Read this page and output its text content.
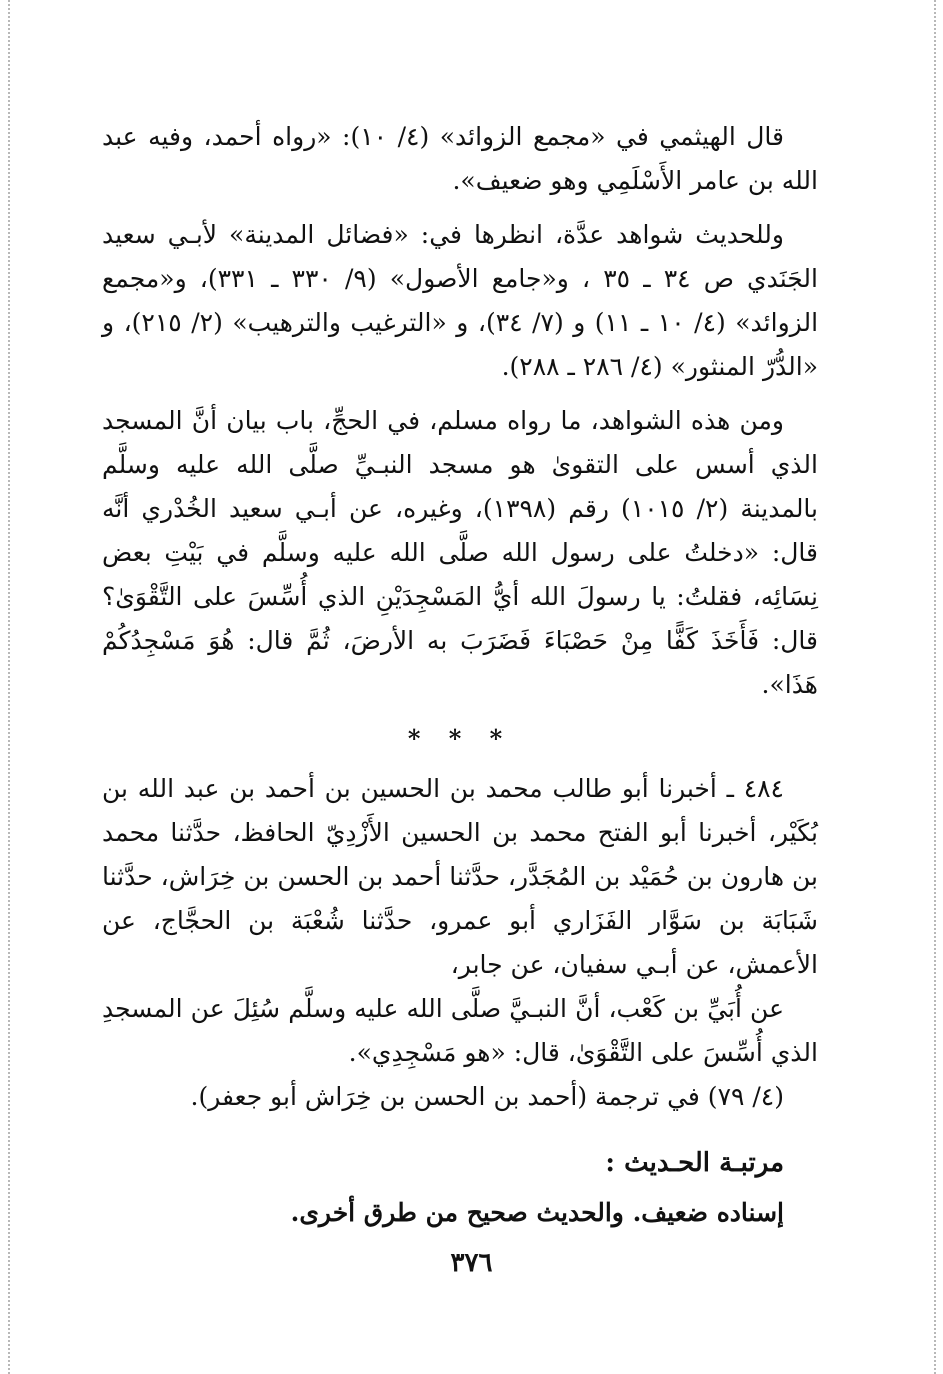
قال الهيثمي في «مجمع الزوائد» (٤/ ١٠): «رواه أحمد، وفيه عبد الله بن عامر الأَسْلَمِي وهو ضعيف».

وللحديث شواهد عدَّة، انظرها في: «فضائل المدينة» لأبـي سعيد الجَنَدي ص ٣٤ ـ ٣٥ ، و«جامع الأصول» (٩/ ٣٣٠ ـ ٣٣١)، و«مجمع الزوائد» (٤/ ١٠ ـ ١١) و (٧/ ٣٤)، و «الترغيب والترهيب» (٢/ ٢١٥)، و «الدُّرّ المنثور» (٤/ ٢٨٦ ـ ٢٨٨).

ومن هذه الشواهد، ما رواه مسلم، في الحجِّ، باب بيان أنَّ المسجد الذي أسس على التقوىٰ هو مسجد النبـيِّ صلَّى الله عليه وسلَّم بالمدينة (٢/ ١٠١٥) رقم (١٣٩٨)، وغيره، عن أبـي سعيد الخُدْري أنَّه قال: «دخلتُ على رسول الله صلَّى الله عليه وسلَّم في بَيْتِ بعض نِسَائِه، فقلتُ: يا رسولَ الله أيُّ المَسْجِدَيْنِ الذي أُسِّسَ على التَّقْوَىٰ؟ قال: فَأَخَذَ كَفًّا مِنْ حَصْبَاءَ فَضَرَبَ به الأرضَ، ثُمَّ قال: هُوَ مَسْجِدُكُمْ هَذَا».

* * *

٤٨٤ ـ أخبرنا أبو طالب محمد بن الحسين بن أحمد بن عبد الله بن بُكَيْر، أخبرنا أبو الفتح محمد بن الحسين الأَزْدِيّ الحافظ، حدَّثنا محمد بن هارون بن حُمَيْد بن المُجَدَّر، حدَّثنا أحمد بن الحسن بن خِرَاش، حدَّثنا شَبَابَة بن سَوَّار الفَزَاري أبو عمرو، حدَّثنا شُعْبَة بن الحجَّاج، عن الأعمش، عن أبـي سفيان، عن جابر،

عن أُبَيِّ بن كَعْب، أنَّ النبـيَّ صلَّى الله عليه وسلَّم سُئِلَ عن المسجدِ الذي أُسِّسَ على التَّقْوَىٰ، قال: «هو مَسْجِدِي».

(٤/ ٧٩) في ترجمة (أحمد بن الحسن بن خِرَاش أبو جعفر).

مرتبـة الحـديث :

إسناده ضعيف. والحديث صحيح من طرق أخرى.

٣٧٦
